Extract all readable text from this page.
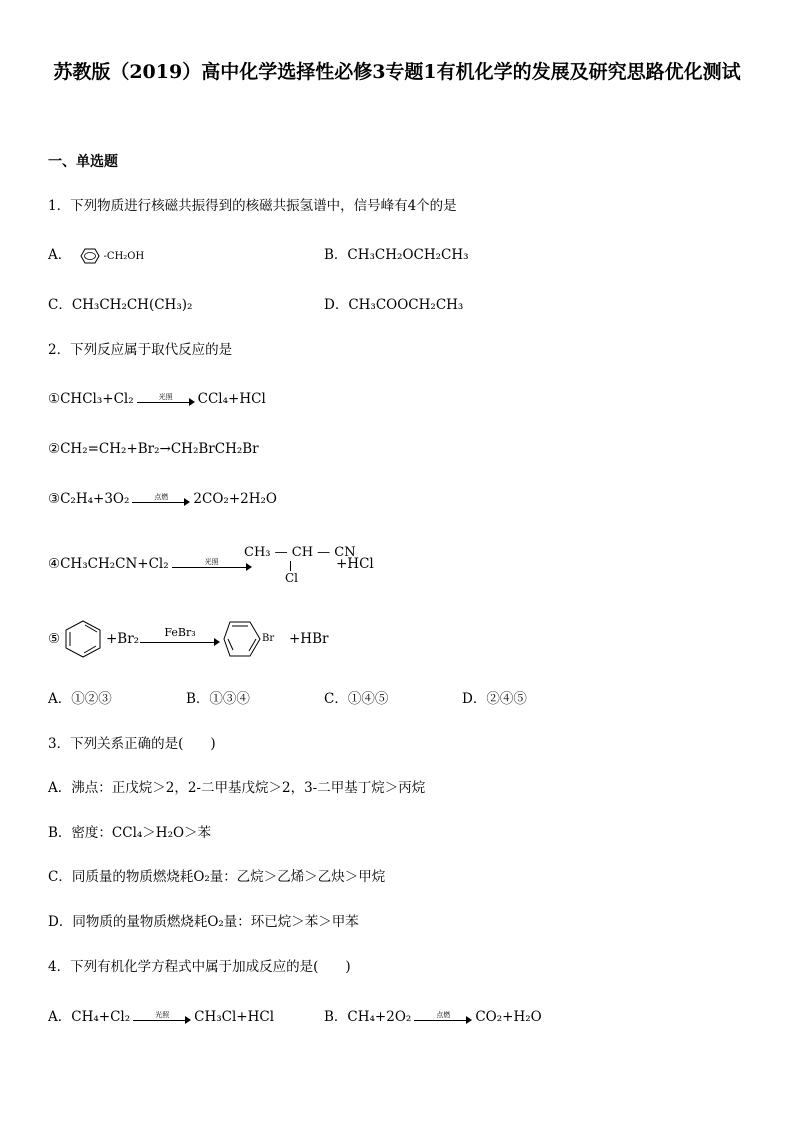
苏教版（2019）高中化学选择性必修3专题1有机化学的发展及研究思路优化测试
一、单选题
1．下列物质进行核磁共振得到的核磁共振氢谱中，信号峰有4个的是
A．	-CH₂OH	B．CH₃CH₂OCH₂CH₃
C．CH₃CH₂CH(CH₃)₂	D．CH₃COOCH₂CH₃
2．下列反应属于取代反应的是
①CHCl₃+Cl₂	光照	CCl₄+HCl
②CH₂=CH₂+Br₂→CH₂BrCH₂Br
③C₂H₄+3O₂	点燃	2CO₂+2H₂O
④CH₃CH₂CN+Cl₂	光照
CH₃ — CH — CN
Cl
+HCl
⑤	+Br₂	FeBr₃	Br +HBr
A．①②③	B．①③④	C．①④⑤	D．②④⑤
3．下列关系正确的是(　　)
A．沸点：正戊烷＞2，2-二甲基戊烷＞2，3-二甲基丁烷＞丙烷
B．密度：CCl₄＞H₂O＞苯
C．同质量的物质燃烧耗O₂量：乙烷＞乙烯＞乙炔＞甲烷
D．同物质的量物质燃烧耗O₂量：环已烷＞苯＞甲苯
4．下列有机化学方程式中属于加成反应的是(　　)
A．CH₄+Cl₂	光照	CH₃Cl+HCl	B．CH₄+2O₂	点燃	CO₂+H₂O
